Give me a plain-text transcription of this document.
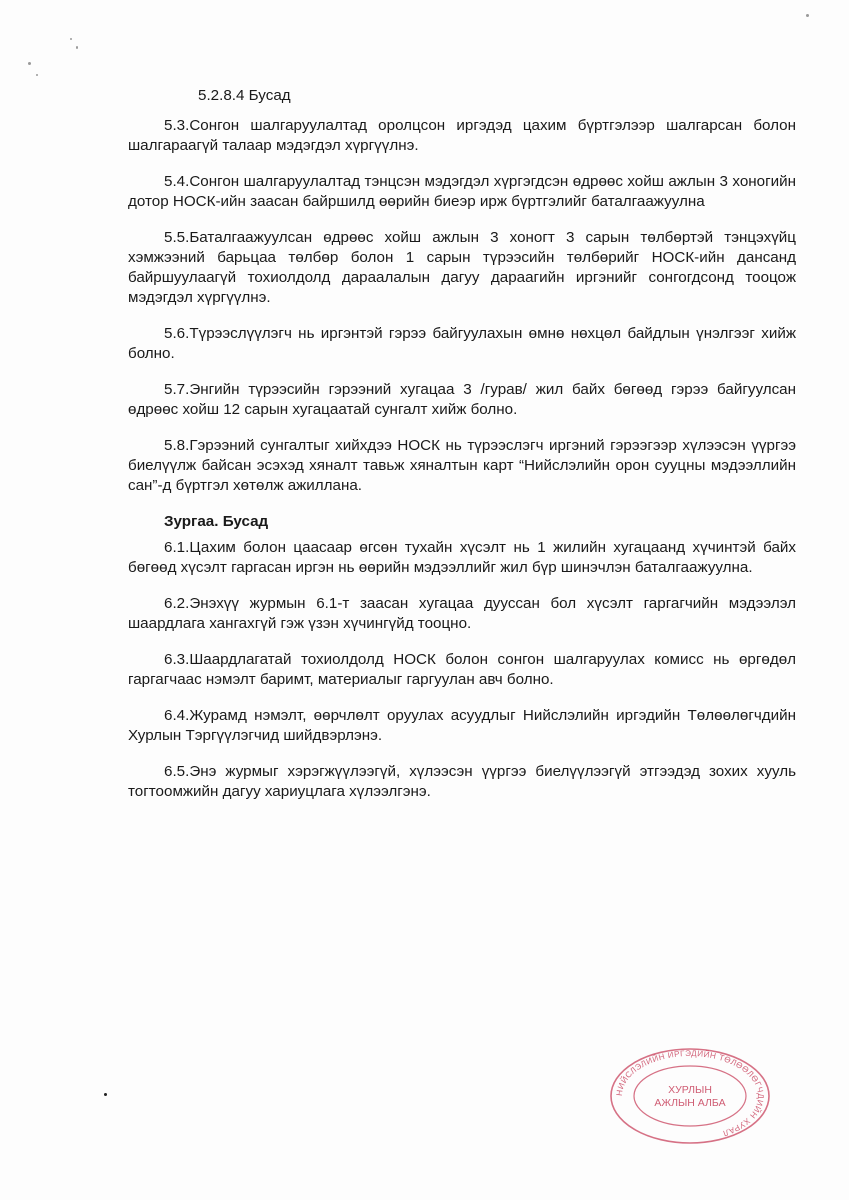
5.2.8.4 Бусад

5.3.Сонгон шалгаруулалтад оролцсон иргэдэд цахим бүртгэлээр шалгарсан болон шалгараагүй талаар мэдэгдэл хүргүүлнэ.

5.4.Сонгон шалгаруулалтад тэнцсэн мэдэгдэл хүргэгдсэн өдрөөс хойш ажлын 3 хоногийн дотор НОСК-ийн заасан байршилд өөрийн биеэр ирж бүртгэлийг баталгаажуулна

5.5.Баталгаажуулсан өдрөөс хойш ажлын 3 хоногт 3 сарын төлбөртэй тэнцэхүйц хэмжээний барьцаа төлбөр болон 1 сарын түрээсийн төлбөрийг НОСК-ийн дансанд байршуулаагүй тохиолдолд дараалалын дагуу дараагийн иргэнийг сонгогдсонд тооцож мэдэгдэл хүргүүлнэ.

5.6.Түрээслүүлэгч нь иргэнтэй гэрээ байгуулахын өмнө нөхцөл байдлын үнэлгээг хийж болно.

5.7.Энгийн түрээсийн гэрээний хугацаа 3 /гурав/ жил байх бөгөөд гэрээ байгуулсан өдрөөс хойш 12 сарын хугацаатай сунгалт хийж болно.

5.8.Гэрээний сунгалтыг хийхдээ НОСК нь түрээслэгч иргэний гэрээгээр хүлээсэн үүргээ биелүүлж байсан эсэхэд хяналт тавьж хяналтын карт “Нийслэлийн орон сууцны мэдээллийн сан”-д бүртгэл хөтөлж ажиллана.

Зургаа. Бусад

6.1.Цахим болон цаасаар өгсөн тухайн хүсэлт нь 1 жилийн хугацаанд хүчинтэй байх бөгөөд хүсэлт гаргасан иргэн нь өөрийн мэдээллийг жил бүр шинэчлэн баталгаажуулна.

6.2.Энэхүү журмын 6.1-т заасан хугацаа дууссан бол хүсэлт гаргагчийн мэдээлэл шаардлага хангахгүй гэж үзэн хүчингүйд тооцно.

6.3.Шаардлагатай тохиолдолд НОСК болон сонгон шалгаруулах комисс нь өргөдөл гаргагчаас нэмэлт баримт, материалыг гаргуулан авч болно.

6.4.Журамд нэмэлт, өөрчлөлт оруулах асуудлыг Нийслэлийн иргэдийн Төлөөлөгчдийн Хурлын Тэргүүлэгчид шийдвэрлэнэ.

6.5.Энэ журмыг хэрэгжүүлээгүй, хүлээсэн үүргээ биелүүлээгүй этгээдэд зохих хууль тогтоомжийн дагуу хариуцлага хүлээлгэнэ.

НИЙСЛЭЛИЙН ИРГЭДИЙН ТӨЛӨӨЛӨГЧДИЙН ХУРАЛ
ХУРЛЫН
АЖЛЫН АЛБА
